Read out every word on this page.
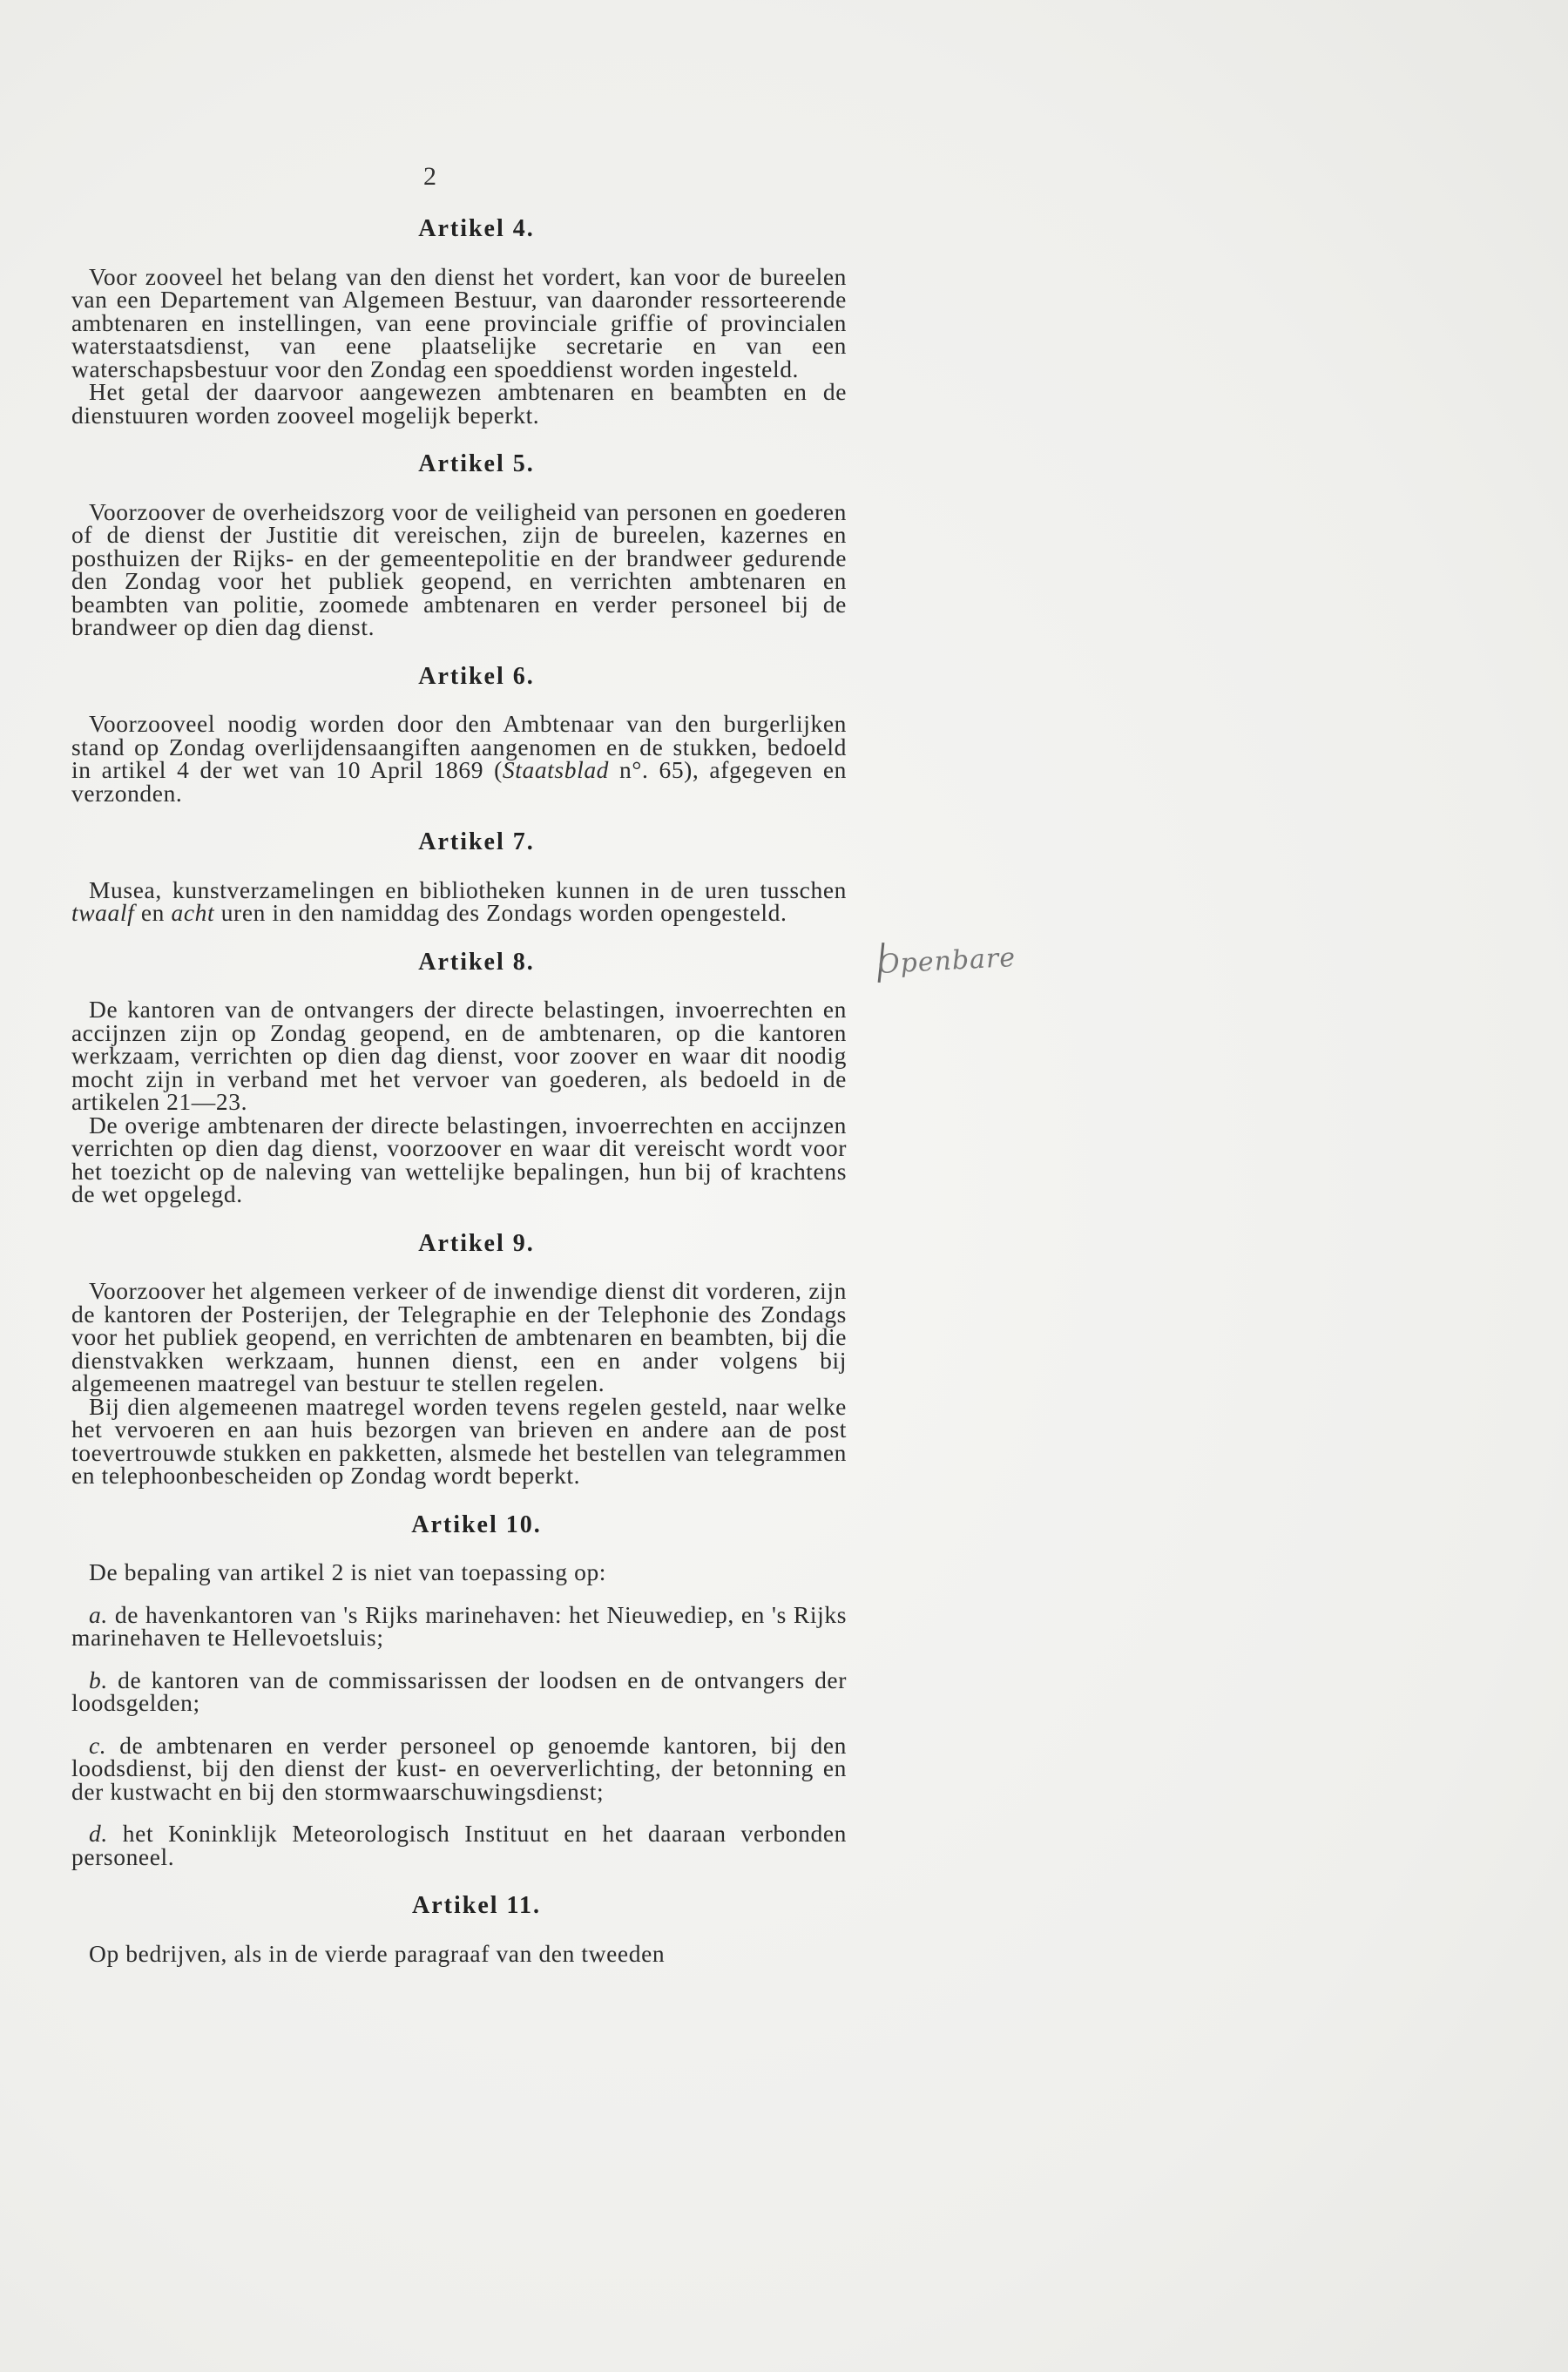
2
Artikel 4.

Voor zooveel het belang van den dienst het vordert, kan voor de bureelen van een Departement van Algemeen Bestuur, van daaronder ressorteerende ambtenaren en instellingen, van eene provinciale griffie of provincialen waterstaatsdienst, van eene plaatselijke secretarie en van een waterschapsbestuur voor den Zondag een spoeddienst worden ingesteld.

Het getal der daarvoor aangewezen ambtenaren en beambten en de dienstuuren worden zooveel mogelijk beperkt.

Artikel 5.

Voorzoover de overheidszorg voor de veiligheid van personen en goederen of de dienst der Justitie dit vereischen, zijn de bureelen, kazernes en posthuizen der Rijks- en der gemeentepolitie en der brandweer gedurende den Zondag voor het publiek geopend, en verrichten ambtenaren en beambten van politie, zoomede ambtenaren en verder personeel bij de brandweer op dien dag dienst.

Artikel 6.

Voorzooveel noodig worden door den Ambtenaar van den burgerlijken stand op Zondag overlijdensaangiften aangenomen en de stukken, bedoeld in artikel 4 der wet van 10 April 1869 (Staatsblad n°. 65), afgegeven en verzonden.

Artikel 7.

Musea, kunstverzamelingen en bibliotheken kunnen in de uren tusschen twaalf en acht uren in den namiddag des Zondags worden opengesteld.

Artikel 8.

De kantoren van de ontvangers der directe belastingen, invoerrechten en accijnzen zijn op Zondag geopend, en de ambtenaren, op die kantoren werkzaam, verrichten op dien dag dienst, voor zoover en waar dit noodig mocht zijn in verband met het vervoer van goederen, als bedoeld in de artikelen 21—23.

De overige ambtenaren der directe belastingen, invoerrechten en accijnzen verrichten op dien dag dienst, voorzoover en waar dit vereischt wordt voor het toezicht op de naleving van wettelijke bepalingen, hun bij of krachtens de wet opgelegd.

Artikel 9.

Voorzoover het algemeen verkeer of de inwendige dienst dit vorderen, zijn de kantoren der Posterijen, der Telegraphie en der Telephonie des Zondags voor het publiek geopend, en verrichten de ambtenaren en beambten, bij die dienstvakken werkzaam, hunnen dienst, een en ander volgens bij algemeenen maatregel van bestuur te stellen regelen.

Bij dien algemeenen maatregel worden tevens regelen gesteld, naar welke het vervoeren en aan huis bezorgen van brieven en andere aan de post toevertrouwde stukken en pakketten, alsmede het bestellen van telegrammen en telephoonbescheiden op Zondag wordt beperkt.

Artikel 10.

De bepaling van artikel 2 is niet van toepassing op:

a. de havenkantoren van 's Rijks marinehaven: het Nieuwediep, en 's Rijks marinehaven te Hellevoetsluis;

b. de kantoren van de commissarissen der loodsen en de ontvangers der loodsgelden;

c. de ambtenaren en verder personeel op genoemde kantoren, bij den loodsdienst, bij den dienst der kust- en oeververlichting, der betonning en der kustwacht en bij den stormwaarschuwingsdienst;

d. het Koninklijk Meteorologisch Instituut en het daaraan verbonden personeel.

Artikel 11.

Op bedrijven, als in de vierde paragraaf van den tweeden

Openbare
